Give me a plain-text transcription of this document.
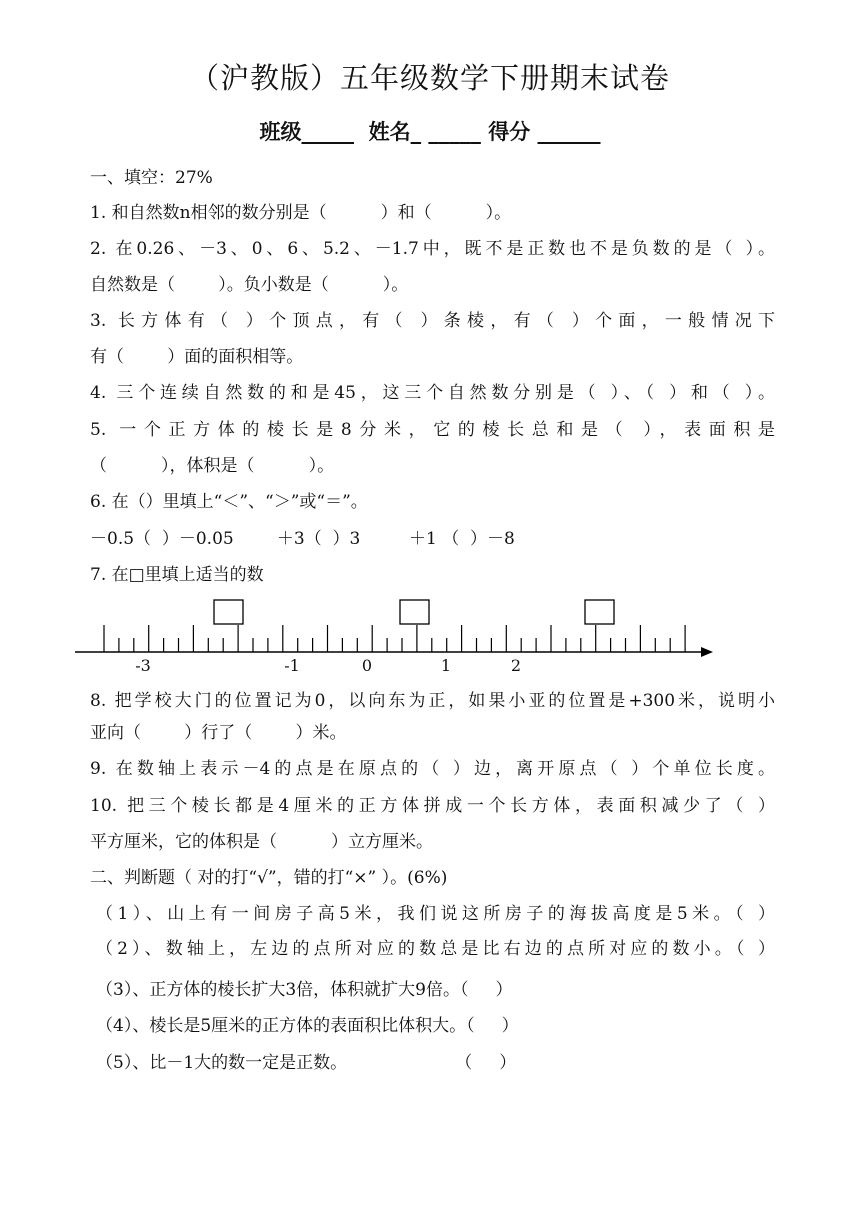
（沪教版）五年级数学下册期末试卷
班级_____  姓名_ _____ 得分 ______
一、填空：27%
1. 和自然数n相邻的数分别是（          ）和（          ）。
2. 在0.26、－3、0、6、5.2、－1.7中，既不是正数也不是负数的是（ ）。
自然数是（        ）。负小数是（          ）。
3. 长方体有（ ）个顶点，有（ ）条棱，有（ ）个面，一般情况下
有（        ）面的面积相等。
4. 三个连续自然数的和是45，这三个自然数分别是（ ）、（ ）和（ ）。
5. 一个正方体的棱长是8分米，它的棱长总和是（ ），表面积是
（          ），体积是（          ）。
6. 在（）里填上“＜”、“＞”或“＝”。
－0.5（  ）－0.05        ＋3（  ）3         ＋1 （  ）－8
7. 在□里填上适当的数
-3	-1	0	1	2
8. 把学校大门的位置记为0，以向东为正，如果小亚的位置是+300米，说明小
亚向（        ）行了（        ）米。
9. 在数轴上表示－4的点是在原点的（ ）边，离开原点（ ）个单位长度。
10. 把三个棱长都是4厘米的正方体拼成一个长方体，表面积减少了（ ）
平方厘米，它的体积是（          ）立方厘米。
二、判断题（ 对的打“√”，错的打“×” ）。(6%)
（1）、山上有一间房子高5米，我们说这所房子的海拔高度是5米。（ ）
（2）、数轴上，左边的点所对应的数总是比右边的点所对应的数小。（ ）
（3）、正方体的棱长扩大3倍，体积就扩大9倍。（     ）
（4）、棱长是5厘米的正方体的表面积比体积大。（     ）
（5）、比－1大的数一定是正数。                    （     ）
